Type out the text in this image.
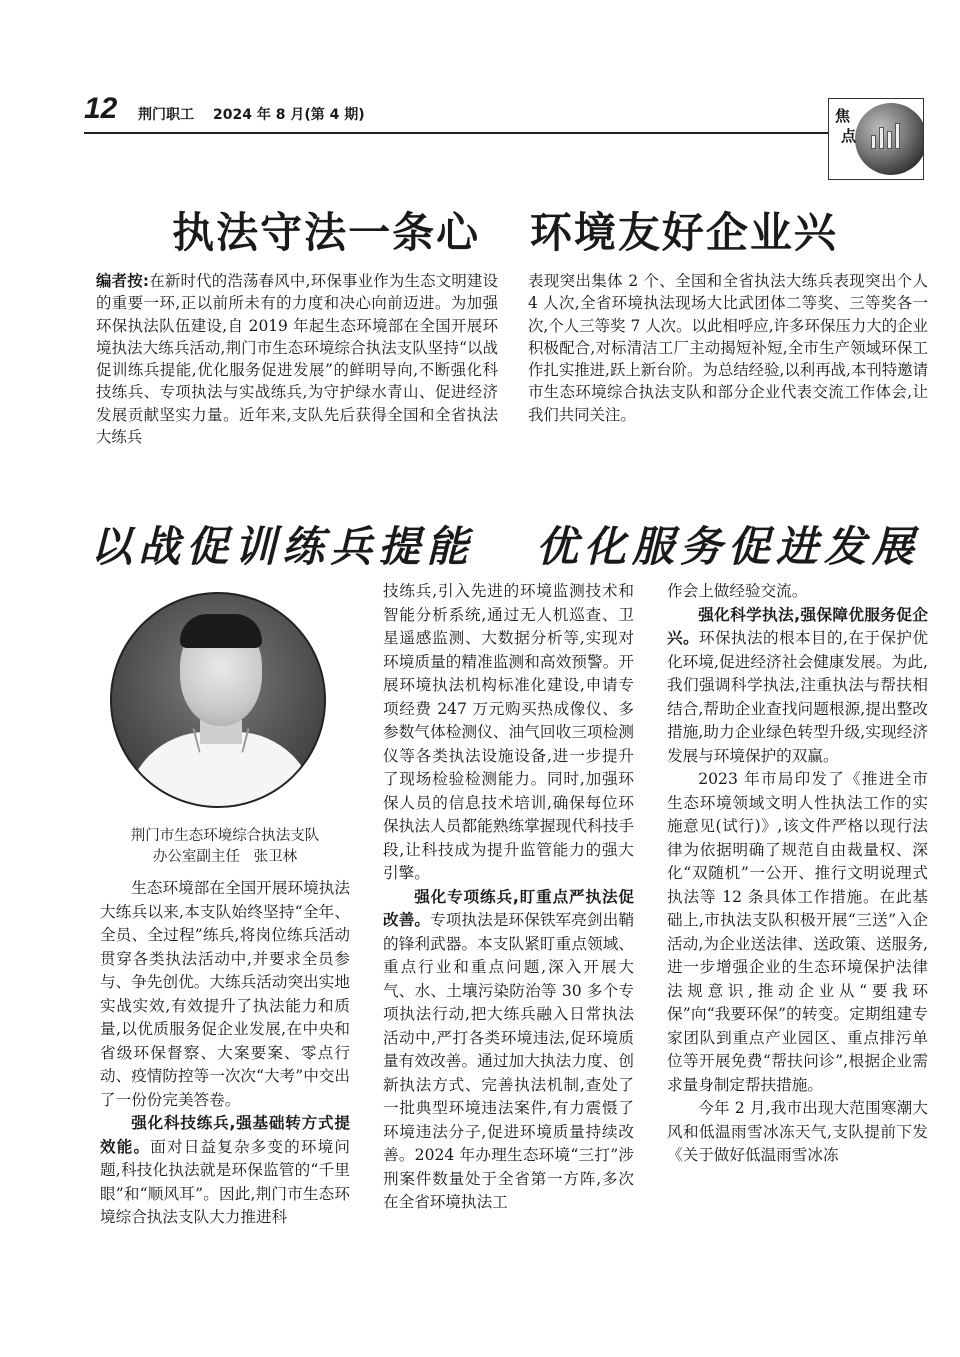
12 荆门职工 2024 年 8 月(第 4 期)	焦
点
执法守法一条心   环境友好企业兴
编者按:在新时代的浩荡春风中,环保事业作为生态文明建设的重要一环,正以前所未有的力度和决心向前迈进。为加强环保执法队伍建设,自 2019 年起生态环境部在全国开展环境执法大练兵活动,荆门市生态环境综合执法支队坚持“以战促训练兵提能,优化服务促进发展”的鲜明导向,不断强化科技练兵、专项执法与实战练兵,为守护绿水青山、促进经济发展贡献坚实力量。近年来,支队先后获得全国和全省执法大练兵
表现突出集体 2 个、全国和全省执法大练兵表现突出个人 4 人次,全省环境执法现场大比武团体二等奖、三等奖各一次,个人三等奖 7 人次。以此相呼应,许多环保压力大的企业积极配合,对标清洁工厂主动揭短补短,全市生产领域环保工作扎实推进,跃上新台阶。为总结经验,以利再战,本刊特邀请市生态环境综合执法支队和部分企业代表交流工作体会,让我们共同关注。
以战促训练兵提能   优化服务促进发展
荆门市生态环境综合执法支队
办公室副主任   张卫林

生态环境部在全国开展环境执法大练兵以来,本支队始终坚持“全年、全员、全过程”练兵,将岗位练兵活动贯穿各类执法活动中,并要求全员参与、争先创优。大练兵活动突出实地实战实效,有效提升了执法能力和质量,以优质服务促企业发展,在中央和省级环保督察、大案要案、零点行动、疫情防控等一次次“大考”中交出了一份份完美答卷。

强化科技练兵,强基础转方式提效能。面对日益复杂多变的环境问题,科技化执法就是环保监管的“千里眼”和“顺风耳”。因此,荆门市生态环境综合执法支队大力推进科

技练兵,引入先进的环境监测技术和智能分析系统,通过无人机巡查、卫星遥感监测、大数据分析等,实现对环境质量的精准监测和高效预警。开展环境执法机构标准化建设,申请专项经费 247 万元购买热成像仪、多参数气体检测仪、油气回收三项检测仪等各类执法设施设备,进一步提升了现场检验检测能力。同时,加强环保人员的信息技术培训,确保每位环保执法人员都能熟练掌握现代科技手段,让科技成为提升监管能力的强大引擎。

强化专项练兵,盯重点严执法促改善。专项执法是环保铁军亮剑出鞘的锋利武器。本支队紧盯重点领域、重点行业和重点问题,深入开展大气、水、土壤污染防治等 30 多个专项执法行动,把大练兵融入日常执法活动中,严打各类环境违法,促环境质量有效改善。通过加大执法力度、创新执法方式、完善执法机制,查处了一批典型环境违法案件,有力震慑了环境违法分子,促进环境质量持续改善。2024 年办理生态环境“三打”涉刑案件数量处于全省第一方阵,多次在全省环境执法工

作会上做经验交流。

强化科学执法,强保障优服务促企兴。环保执法的根本目的,在于保护优化环境,促进经济社会健康发展。为此,我们强调科学执法,注重执法与帮扶相结合,帮助企业查找问题根源,提出整改措施,助力企业绿色转型升级,实现经济发展与环境保护的双赢。

2023 年市局印发了《推进全市生态环境领域文明人性执法工作的实施意见(试行)》,该文件严格以现行法律为依据明确了规范自由裁量权、深化“双随机”一公开、推行文明说理式执法等 12 条具体工作措施。在此基础上,市执法支队积极开展“三送”入企活动,为企业送法律、送政策、送服务,进一步增强企业的生态环境保护法律法规意识,推动企业从“要我环保”向“我要环保”的转变。定期组建专家团队到重点产业园区、重点排污单位等开展免费“帮扶问诊”,根据企业需求量身制定帮扶措施。

今年 2 月,我市出现大范围寒潮大风和低温雨雪冰冻天气,支队提前下发《关于做好低温雨雪冰冻
